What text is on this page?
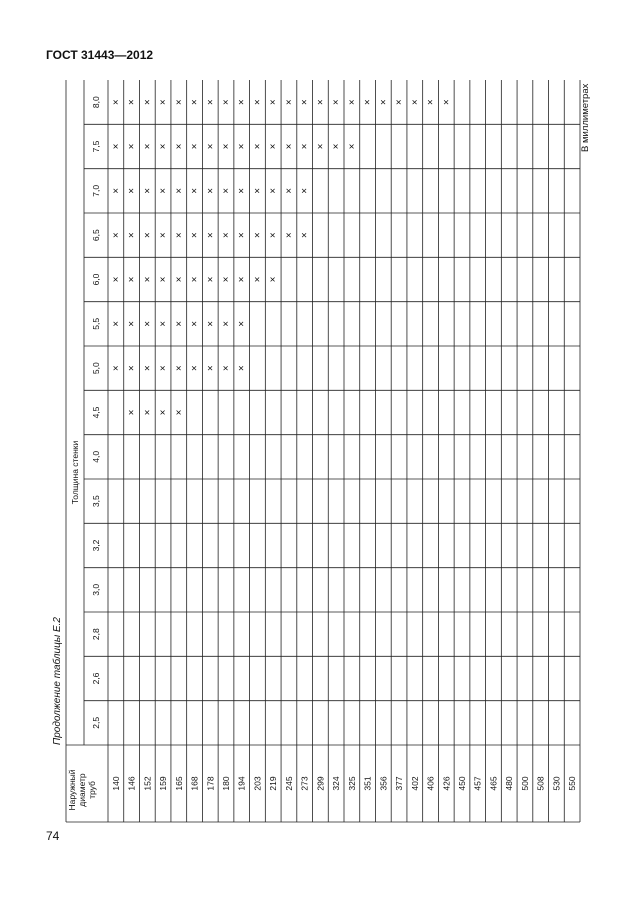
ГОСТ 31443—2012
Продолжение таблицы Е.2
В миллиметрах
Толщина стенки
Наружный диаметр труб
2,5
2,6
2,8
3,0
3,2
3,5
4,0
4,5
5,0
5,5
6,0
6,5
7,0
7,5
8,0
140
×
×
×
×
×
×
×
146
×
×
×
×
×
×
×
×
152
×
×
×
×
×
×
×
×
159
×
×
×
×
×
×
×
×
165
×
×
×
×
×
×
×
×
168
×
×
×
×
×
×
×
178
×
×
×
×
×
×
×
180
×
×
×
×
×
×
×
194
×
×
×
×
×
×
×
203
×
×
×
×
×
219
×
×
×
×
×
245
×
×
×
×
273
×
×
×
×
299
×
×
324
×
×
325
×
×
351
×
356
×
377
×
402
×
406
×
426
×
450 457 465 480 500 508 530 550
74
